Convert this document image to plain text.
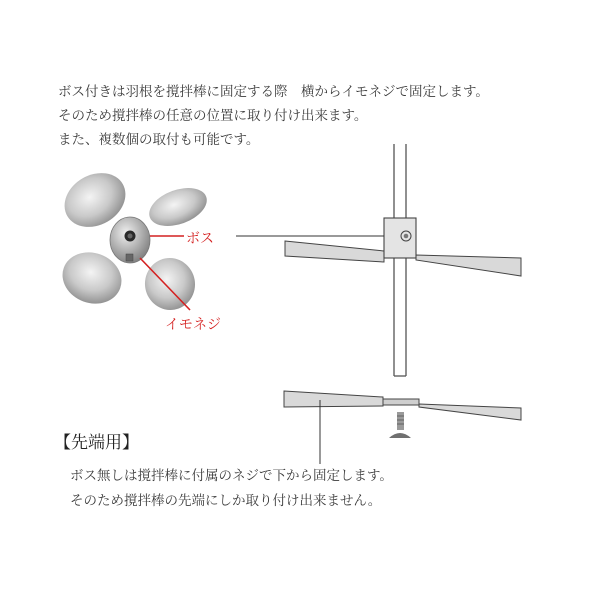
ボス付きは羽根を撹拌棒に固定する際　横からイモネジで固定します。
そのため撹拌棒の任意の位置に取り付け出来ます。
また、複数個の取付も可能です。
ボス
イモネジ
【先端用】
ボス無しは撹拌棒に付属のネジで下から固定します。
そのため撹拌棒の先端にしか取り付け出来ません。
